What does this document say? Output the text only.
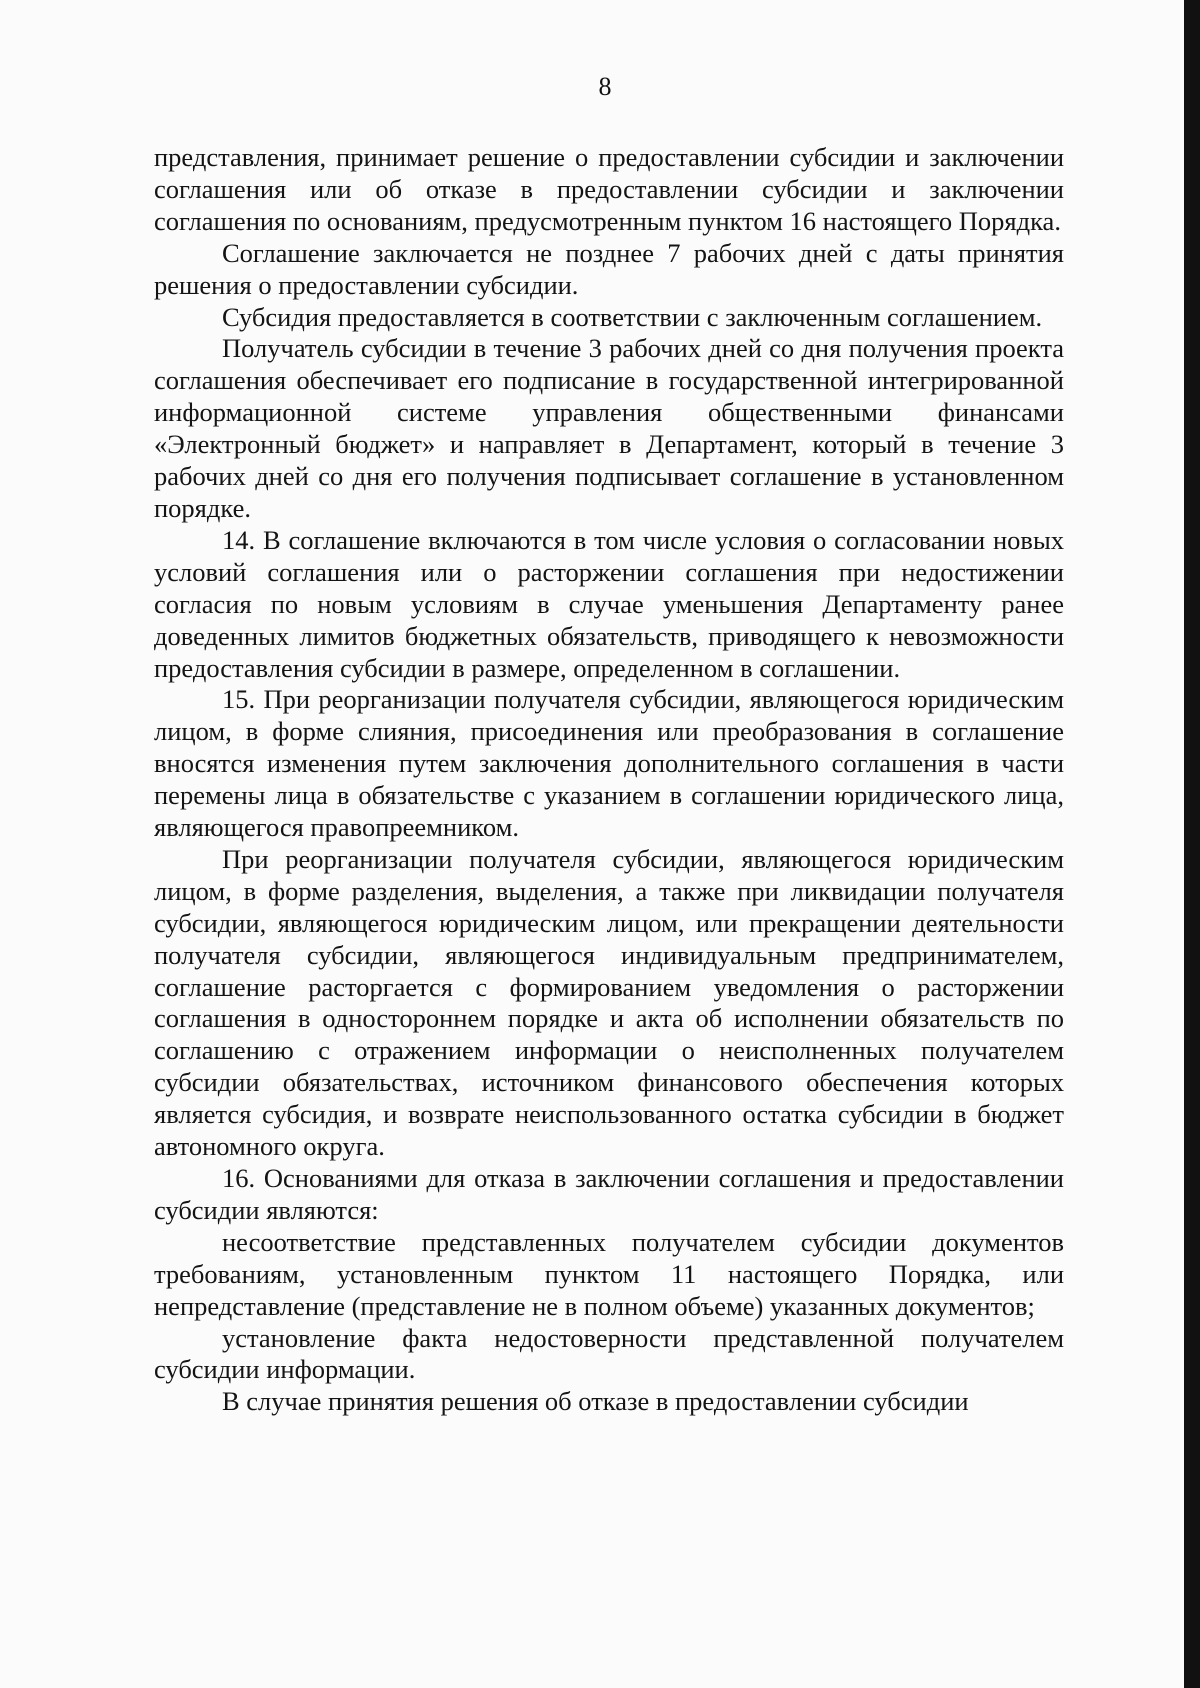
8

представления, принимает решение о предоставлении субсидии и заключении соглашения или об отказе в предоставлении субсидии и заключении соглашения по основаниям, предусмотренным пунктом 16 настоящего Порядка.

Соглашение заключается не позднее 7 рабочих дней с даты принятия решения о предоставлении субсидии.

Субсидия предоставляется в соответствии с заключенным соглашением.

Получатель субсидии в течение 3 рабочих дней со дня получения проекта соглашения обеспечивает его подписание в государственной интегрированной информационной системе управления общественными финансами «Электронный бюджет» и направляет в Департамент, который в течение 3 рабочих дней со дня его получения подписывает соглашение в установленном порядке.

14. В соглашение включаются в том числе условия о согласовании новых условий соглашения или о расторжении соглашения при недостижении согласия по новым условиям в случае уменьшения Департаменту ранее доведенных лимитов бюджетных обязательств, приводящего к невозможности предоставления субсидии в размере, определенном в соглашении.

15. При реорганизации получателя субсидии, являющегося юридическим лицом, в форме слияния, присоединения или преобразования в соглашение вносятся изменения путем заключения дополнительного соглашения в части перемены лица в обязательстве с указанием в соглашении юридического лица, являющегося правопреемником.

При реорганизации получателя субсидии, являющегося юридическим лицом, в форме разделения, выделения, а также при ликвидации получателя субсидии, являющегося юридическим лицом, или прекращении деятельности получателя субсидии, являющегося индивидуальным предпринимателем, соглашение расторгается с формированием уведомления о расторжении соглашения в одностороннем порядке и акта об исполнении обязательств по соглашению с отражением информации о неисполненных получателем субсидии обязательствах, источником финансового обеспечения которых является субсидия, и возврате неиспользованного остатка субсидии в бюджет автономного округа.

16. Основаниями для отказа в заключении соглашения и предоставлении субсидии являются:

несоответствие представленных получателем субсидии документов требованиям, установленным пунктом 11 настоящего Порядка, или непредставление (представление не в полном объеме) указанных документов;

установление факта недостоверности представленной получателем субсидии информации.

В случае принятия решения об отказе в предоставлении субсидии
